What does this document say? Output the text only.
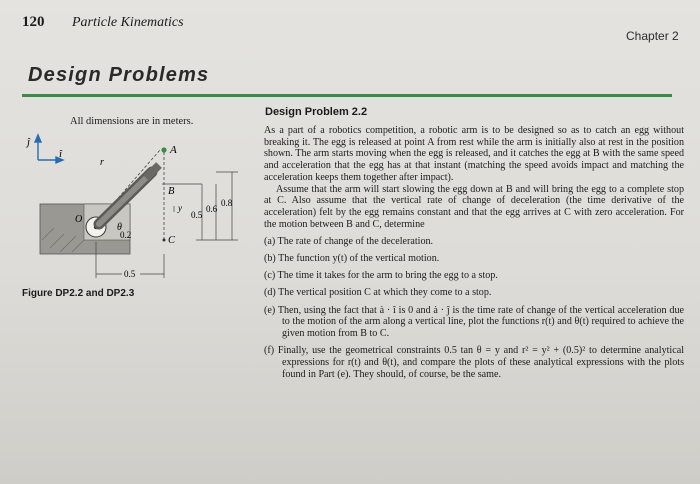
120 Particle Kinematics
Chapter 2
Design Problems
All dimensions are in meters.
ĵ
î
r
A
O
θ
B
y
C
0.5
0.6
0.8
0.2
0.5
Figure DP2.2 and DP2.3
Design Problem 2.2

As a part of a robotics competition, a robotic arm is to be designed so as to catch an egg without breaking it. The egg is released at point A from rest while the arm is initially also at rest in the position shown. The arm starts moving when the egg is released, and it catches the egg at B with the same speed and acceleration that the egg has at that instant (matching the speed avoids impact and matching the acceleration keeps them together after impact).

Assume that the arm will start slowing the egg down at B and will bring the egg to a complete stop at C. Also assume that the vertical rate of change of deceleration (the time derivative of the acceleration) felt by the egg remains constant and that the egg arrives at C with zero acceleration. For the motion between B and C, determine

(a) The rate of change of the deceleration.

(b) The function y(t) of the vertical motion.

(c) The time it takes for the arm to bring the egg to a stop.

(d) The vertical position C at which they come to a stop.

(e) Then, using the fact that ȧ · î is 0 and ȧ · ĵ is the time rate of change of the vertical acceleration due to the motion of the arm along a vertical line, plot the functions r(t) and θ(t) required to achieve the given motion from B to C.

(f) Finally, use the geometrical constraints 0.5 tan θ = y and r² = y² + (0.5)² to determine analytical expressions for r(t) and θ(t), and compare the plots of these analytical expressions with the plots found in Part (e). They should, of course, be the same.
